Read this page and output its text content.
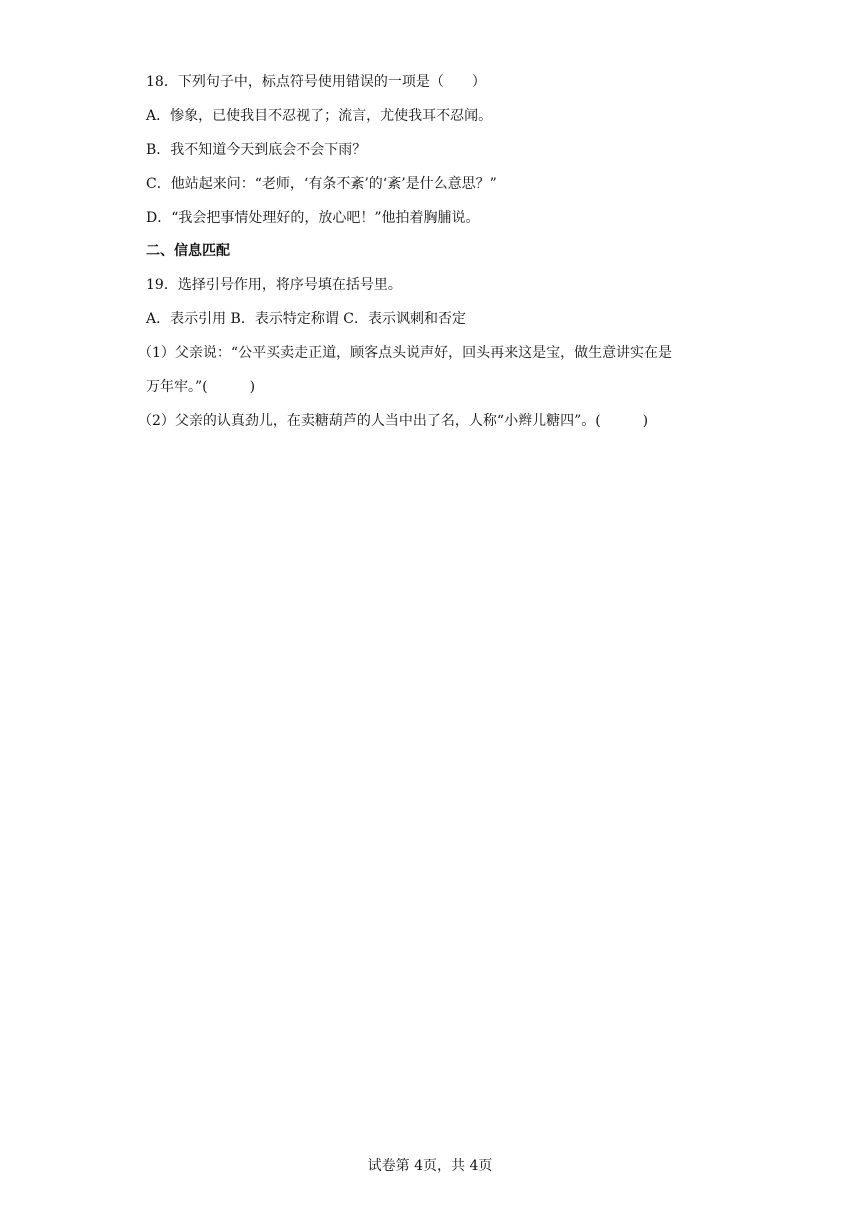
18．下列句子中，标点符号使用错误的一项是（　　）
A．惨象，已使我目不忍视了；流言，尤使我耳不忍闻。
B．我不知道今天到底会不会下雨？
C．他站起来问：“老师，‘有条不紊’的‘紊’是什么意思？”
D．“我会把事情处理好的，放心吧！”他拍着胸脯说。
二、信息匹配
19．选择引号作用，将序号填在括号里。
A．表示引用 B．表示特定称谓 C．表示讽刺和否定
（1）父亲说：“公平买卖走正道，顾客点头说声好，回头再来这是宝，做生意讲实在是
万年牢。”(　　　)
（2）父亲的认真劲儿，在卖糖葫芦的人当中出了名，人称“小辫儿糖四”。(　　　)
试卷第 4页，共 4页
